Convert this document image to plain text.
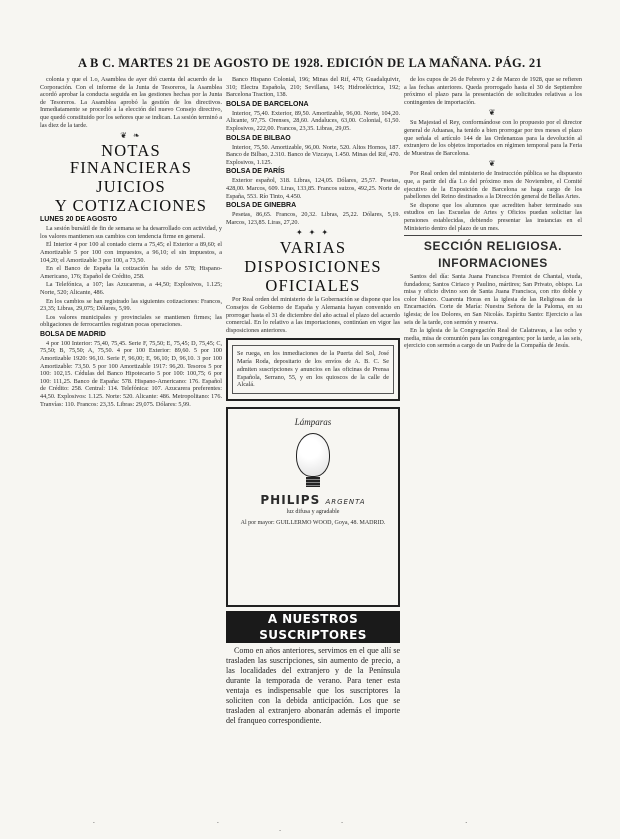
A B C. MARTES 21 DE AGOSTO DE 1928. EDICIÓN DE LA MAÑANA. PÁG. 21

colonia y que el 1.o, Asamblea de ayer dió cuenta del acuerdo de la Corporación. Con el informe de la Junta de Tesoreros, la Asamblea acordó aprobar la conducta seguida en las gestiones hechas por la Junta de Tesoreros. La Asamblea aprobó la gestión de los directivos. Inmediatamente se procedió a la elección del nuevo Consejo directivo, que quedó constituido por los señores que se indican. La sesión terminó a las diez de la tarde.

❦ ❧
NOTAS FINANCIERAS
JUICIOS
Y COTIZACIONES
LUNES 20 DE AGOSTO

La sesión bursátil de fin de semana se ha desarrollado con actividad, y los valores mantienen sus cambios con tendencia firme en general.

El Interior 4 por 100 al contado cierra a 75,45; el Exterior a 89,60; el Amortizable 5 por 100 con impuestos, a 96,10; el sin impuestos, a 104,20; el Amortizable 3 por 100, a 73,50.

En el Banco de España la cotización ha sido de 578; Hispano-Americano, 176; Español de Crédito, 258.

La Telefónica, a 107; las Azucareras, a 44,50; Explosivos, 1.125; Norte, 520; Alicante, 486.

En los cambios se han registrado las siguientes cotizaciones: Francos, 23,35; Libras, 29,075; Dólares, 5,99.

Los valores municipales y provinciales se mantienen firmes; las obligaciones de ferrocarriles registran pocas operaciones.

BOLSA DE MADRID

4 por 100 Interior: 75,40, 75,45. Serie F, 75,50; E, 75,45; D, 75,45; C, 75,50; B, 75,50; A, 75,50. 4 por 100 Exterior: 89,60. 5 por 100 Amortizable 1920: 96,10. Serie F, 96,00; E, 96,10; D, 96,10. 3 por 100 Amortizable: 73,50. 5 por 100 Amortizable 1917: 96,20. Tesoros 5 por 100: 102,15. Cédulas del Banco Hipotecario 5 por 100: 100,75; 6 por 100: 111,25. Banco de España: 578. Hispano-Americano: 176. Español de Crédito: 258. Central: 114. Telefónica: 107. Azucarera preferentes: 44,50. Explosivos: 1.125. Norte: 520. Alicante: 486. Metropolitano: 176. Tranvías: 110. Francos: 23,35. Libras: 29,075. Dólares: 5,99.

Banco Hispano Colonial, 196; Minas del Rif, 470; Guadalquivir, 310; Electra Española, 210; Sevillana, 145; Hidroeléctrica, 192; Barcelona Traction, 138.

BOLSA DE BARCELONA

Interior, 75,40. Exterior, 89,50. Amortizable, 96,00. Norte, 104,20. Alicante, 97,75. Orenses, 28,60. Andaluces, 63,00. Colonial, 61,50. Explosivos, 222,00. Francos, 23,35. Libras, 29,05.

BOLSA DE BILBAO

Interior, 75,50. Amortizable, 96,00. Norte, 520. Altos Hornos, 187. Banco de Bilbao, 2.310. Banco de Vizcaya, 1.450. Minas del Rif, 470. Explosivos, 1.125.

BOLSA DE PARÍS

Exterior español, 318. Libras, 124,05. Dólares, 25,57. Pesetas, 428,00. Marcos, 609. Liras, 133,85. Francos suizos, 492,25. Norte de España, 553. Río Tinto, 4.450.

BOLSA DE GINEBRA

Pesetas, 86,65. Francos, 20,32. Libras, 25,22. Dólares, 5,19. Marcos, 123,85. Liras, 27,20.

✦ ✦ ✦
VARIAS
DISPOSICIONES
OFICIALES

Por Real orden del ministerio de la Gobernación se dispone que los Consejos de Gobierno de España y Alemania hayan convenido en prorrogar hasta el 31 de diciembre del año actual el plazo del acuerdo comercial. En lo relativo a las importaciones, continúan en vigor las disposiciones anteriores.

Se ruega, en los inmediaciones de la Puerta del Sol, José María Roda, depositario de los envíos de A. B. C. Se admiten suscripciones y anuncios en las oficinas de Prensa Española, Serrano, 55, y en los quioscos de la calle de Alcalá.
Lámparas
PHILIPS ARGENTA
luz difusa y agradable
Al por mayor: GUILLERMO WOOD, Goya, 48. MADRID.
A NUESTROS SUSCRIPTORES

Como en años anteriores, servimos en el que allí se trasladen las suscripciones, sin aumento de precio, a las localidades del extranjero y de la Península durante la temporada de verano. Para tener esta ventaja es indispensable que los suscriptores la soliciten con la debida anticipación. Los que se trasladen al extranjero abonarán además el importe del franqueo correspondiente.

de los cupos de 26 de Febrero y 2 de Marzo de 1928, que se refieren a las fechas anteriores. Queda prorrogado hasta el 30 de Septiembre próximo el plazo para la presentación de solicitudes relativas a los contingentes de importación.

❦

Su Majestad el Rey, conformándose con lo propuesto por el director general de Aduanas, ha tenido a bien prorrogar por tres meses el plazo que señala el artículo 144 de las Ordenanzas para la devolución al extranjero de los objetos importados en régimen temporal para la Feria de Muestras de Barcelona.

❦

Por Real orden del ministerio de Instrucción pública se ha dispuesto que, a partir del día 1.o del próximo mes de Noviembre, el Comité ejecutivo de la Exposición de Barcelona se haga cargo de los pabellones del Reino destinados a la Dirección general de Bellas Artes.

Se dispone que los alumnos que acrediten haber terminado sus estudios en las Escuelas de Artes y Oficios puedan solicitar las pensiones establecidas, debiendo presentar las instancias en el Ministerio dentro del plazo de un mes.

SECCIÓN RELIGIOSA.
INFORMACIONES

Santos del día: Santa Juana Francisca Fremiot de Chantal, viuda, fundadora; Santos Ciriaco y Paulino, mártires; San Privato, obispo. La misa y oficio divino son de Santa Juana Francisca, con rito doble y color blanco. Cuarenta Horas en la iglesia de las Religiosas de la Encarnación. Corte de María: Nuestra Señora de la Paloma, en su iglesia; de los Dolores, en San Nicolás. Espíritu Santo: Ejercicio a las seis de la tarde, con sermón y reserva.

En la iglesia de la Congregación Real de Calatravas, a las ocho y media, misa de comunión para las congregantes; por la tarde, a las seis, ejercicio con sermón a cargo de un Padre de la Compañía de Jesús.

· · · · ·
